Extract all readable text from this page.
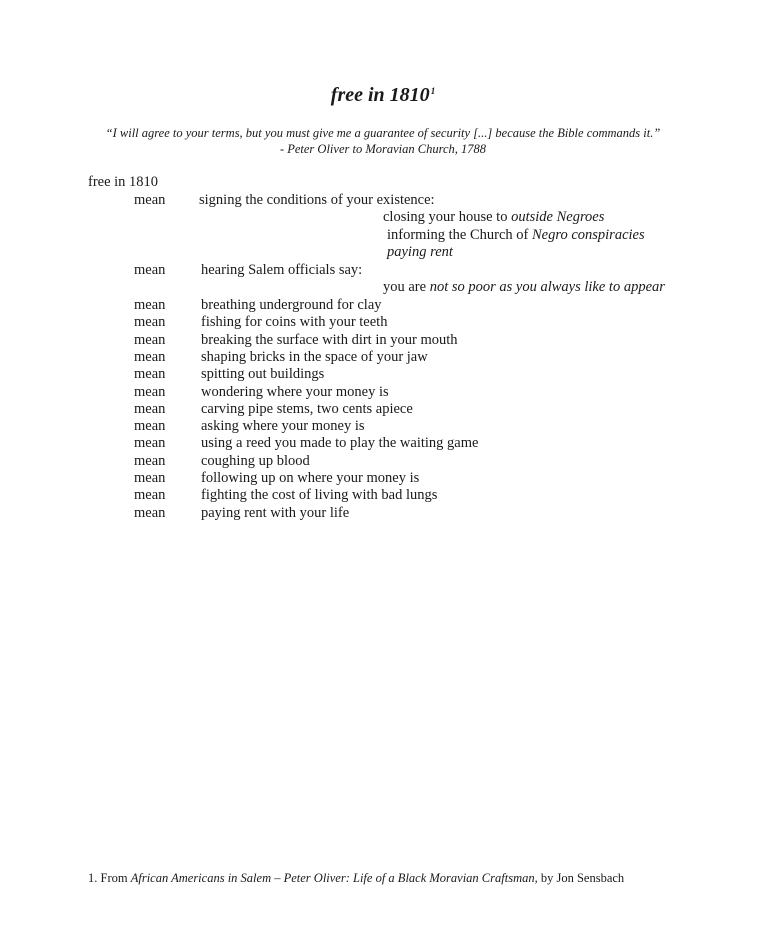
free in 1810$^1$
“I will agree to your terms, but you must give me a guarantee of security [...] because the Bible commands it.”
- Peter Oliver to Moravian Church, 1788
free in 1810
mean signing the conditions of your existence:
closing your house to outside Negroes
informing the Church of Negro conspiracies
paying rent
mean hearing Salem officials say:
you are not so poor as you always like to appear
mean breathing underground for clay
mean fishing for coins with your teeth
mean breaking the surface with dirt in your mouth
mean shaping bricks in the space of your jaw
mean spitting out buildings
mean wondering where your money is
mean carving pipe stems, two cents apiece
mean asking where your money is
mean using a reed you made to play the waiting game
mean coughing up blood
mean following up on where your money is
mean fighting the cost of living with bad lungs
mean paying rent with your life
1. From African Americans in Salem – Peter Oliver: Life of a Black Moravian Craftsman, by Jon Sensbach
